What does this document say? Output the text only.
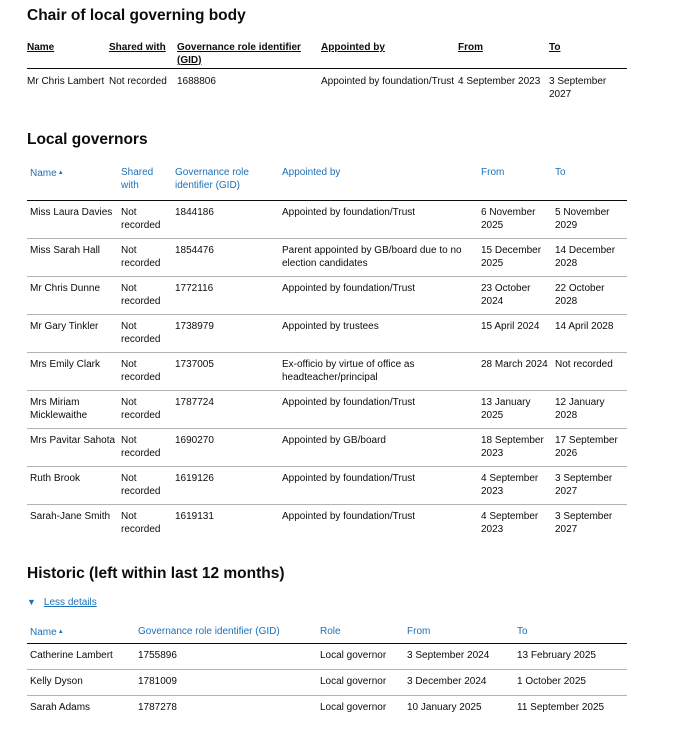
Chair of local governing body
Name	Shared with	Governance role identifier (GID)	Appointed by	From	To
Mr Chris Lambert	Not recorded	1688806	Appointed by foundation/Trust	4 September 2023	3 September 2027
Local governors
Name▲	Shared with	Governance role identifier (GID)	Appointed by	From	To
Miss Laura Davies	Not recorded	1844186	Appointed by foundation/Trust	6 November 2025	5 November 2029
Miss Sarah Hall	Not recorded	1854476	Parent appointed by GB/board due to no election candidates	15 December 2025	14 December 2028
Mr Chris Dunne	Not recorded	1772116	Appointed by foundation/Trust	23 October 2024	22 October 2028
Mr Gary Tinkler	Not recorded	1738979	Appointed by trustees	15 April 2024	14 April 2028
Mrs Emily Clark	Not recorded	1737005	Ex-officio by virtue of office as headteacher/principal	28 March 2024	Not recorded
Mrs Miriam Micklewaithe	Not recorded	1787724	Appointed by foundation/Trust	13 January 2025	12 January 2028
Mrs Pavitar Sahota	Not recorded	1690270	Appointed by GB/board	18 September 2023	17 September 2026
Ruth Brook	Not recorded	1619126	Appointed by foundation/Trust	4 September 2023	3 September 2027
Sarah-Jane Smith	Not recorded	1619131	Appointed by foundation/Trust	4 September 2023	3 September 2027
Historic (left within last 12 months)
▼ Less details
Name▲	Governance role identifier (GID)	Role	From	To
Catherine Lambert	1755896	Local governor	3 September 2024	13 February 2025
Kelly Dyson	1781009	Local governor	3 December 2024	1 October 2025
Sarah Adams	1787278	Local governor	10 January 2025	11 September 2025
